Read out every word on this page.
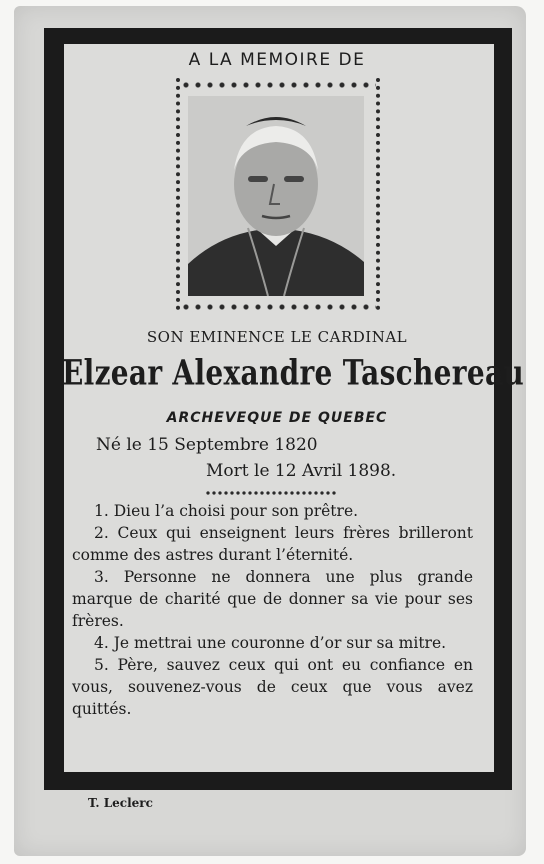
A LA MEMOIRE DE
SON EMINENCE LE CARDINAL
Elzear Alexandre Taschereau
ARCHEVEQUE DE QUEBEC
Né le 15 Septembre 1820
Mort le 12 Avril 1898.

1. Dieu l’a choisi pour son prêtre.

2. Ceux qui enseignent leurs frères brilleront comme des astres durant l’éternité.

3. Personne ne donnera une plus grande marque de charité que de donner sa vie pour ses frères.

4. Je mettrai une couronne d’or sur sa mitre.

5. Père, sauvez ceux qui ont eu confiance en vous, souvenez-vous de ceux que vous avez quittés.

T. Leclerc
